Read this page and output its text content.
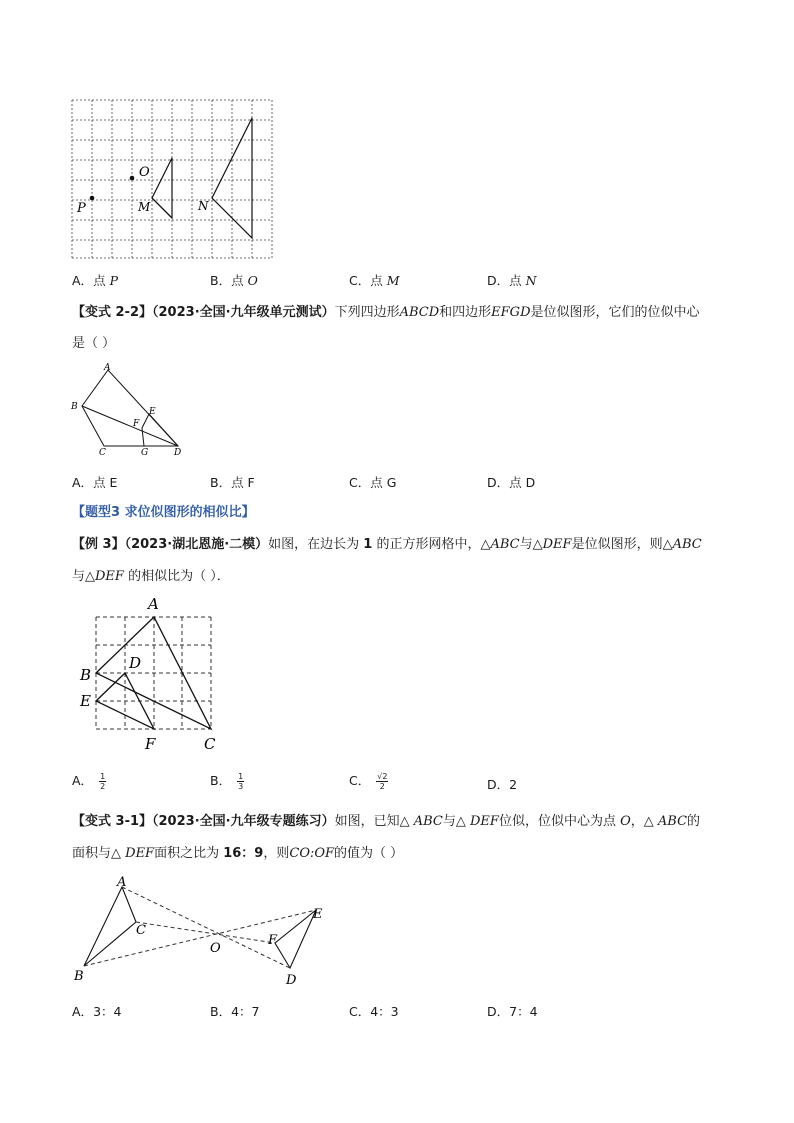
O
P	M	N
A．点 P	B．点 O	C．点 M	D．点 N
【变式 2-2】（2023·全国·九年级单元测试）下列四边形ABCD和四边形EFGD是位似图形，它们的位似中心
是（ ）
A
B
C	D
E
F
G
A．点 E	B．点 F	C．点 G	D．点 D
【题型3 求位似图形的相似比】
【例 3】（2023·湖北恩施·二模）如图，在边长为 1 的正方形网格中，△ABC与△DEF是位似图形，则△ABC
与△DEF 的相似比为（ ）．
A
B
C
D
E
F
A． $\frac{1}{2}$	B． $\frac{1}{3}$	C． $\frac{√2}{2}$	D．2
【变式 3-1】（2023·全国·九年级专题练习）如图，已知△ ABC与△ DEF位似，位似中心为点 O，△ ABC的
面积与△ DEF面积之比为 16：9，则CO:OF的值为（ ）
A
B
C
O
E
F
D
A．3：4	B．4：7	C．4：3	D．7：4
